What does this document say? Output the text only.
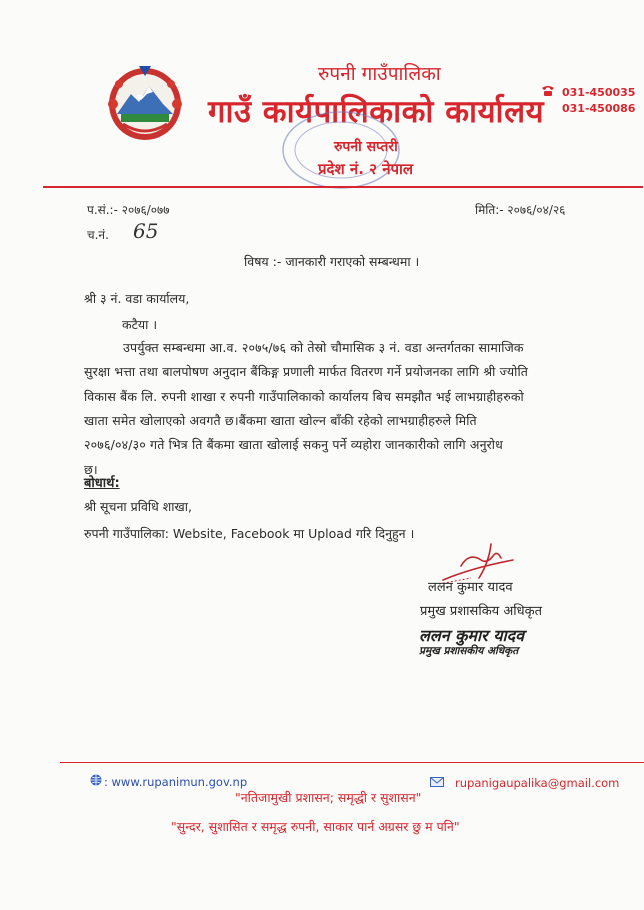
रुपनी गाउँपालिका
गाउँ कार्यपालिकाको कार्यालय
रुपनी सप्तरी
प्रदेश नं. २ नेपाल
031-450035
031-450086
प.सं.:- २०७६/०७७	मिति:- २०७६/०४/२६
च.नं. 65
विषय :- जानकारी गराएको सम्बन्धमा ।
श्री ३ नं. वडा कार्यालय,
कटैया ।
उपर्युक्त सम्बन्धमा आ.व. २०७५/७६ को तेस्रो चौमासिक ३ नं. वडा अन्तर्गतका सामाजिक
सुरक्षा भत्ता तथा बालपोषण अनुदान बैंकिङ्ग प्रणाली मार्फत वितरण गर्ने प्रयोजनका लागि श्री ज्योति
विकास बैंक लि. रुपनी शाखा र रुपनी गाउँपालिकाको कार्यालय बिच समझौत भई लाभग्राहीहरुको
खाता समेत खोलाएको अवगतै छ।बैंकमा खाता खोल्न बाँकी रहेको लाभग्राहीहरुले मिति
२०७६/०४/३० गते भित्र ति बैंकमा खाता खोलाई सकनु पर्ने व्यहोरा जानकारीको लागि अनुरोध
छ।
बोधार्थ:
श्री सूचना प्रविधि शाखा,
रुपनी गाउँपालिका: Website, Facebook मा Upload गरि दिनुहुन ।
ललन कुमार यादव
प्रमुख प्रशासकिय अधिकृत
ललन कुमार यादव
प्रमुख प्रशासकीय अधिकृत
: www.rupanimun.gov.np	rupanigaupalika@gmail.com
"नतिजामुखी प्रशासन; समृद्धी र सुशासन"
"सुन्दर, सुशासित र समृद्ध रुपनी, साकार पार्न अग्रसर छु म पनि"
